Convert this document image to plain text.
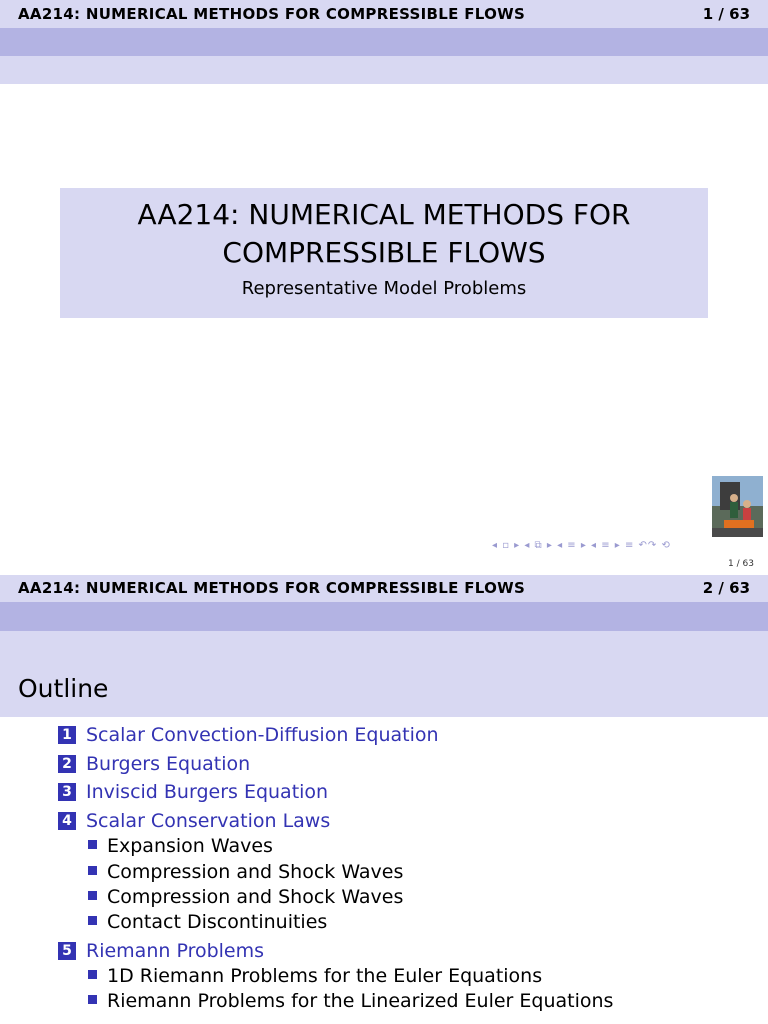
AA214: NUMERICAL METHODS FOR COMPRESSIBLE FLOWS	1 / 63
AA214: NUMERICAL METHODS FOR
COMPRESSIBLE FLOWS
Representative Model Problems
◂ ▫ ▸ ◂ ⧉ ▸ ◂ ≡ ▸ ◂ ≡ ▸ ≡ ↶↷ ⟲
1 / 63
AA214: NUMERICAL METHODS FOR COMPRESSIBLE FLOWS	2 / 63
Outline
1 Scalar Convection-Diffusion Equation
2 Burgers Equation
3 Inviscid Burgers Equation
4 Scalar Conservation Laws
Expansion Waves
Compression and Shock Waves
Compression and Shock Waves
Contact Discontinuities
5 Riemann Problems
1D Riemann Problems for the Euler Equations
Riemann Problems for the Linearized Euler Equations
